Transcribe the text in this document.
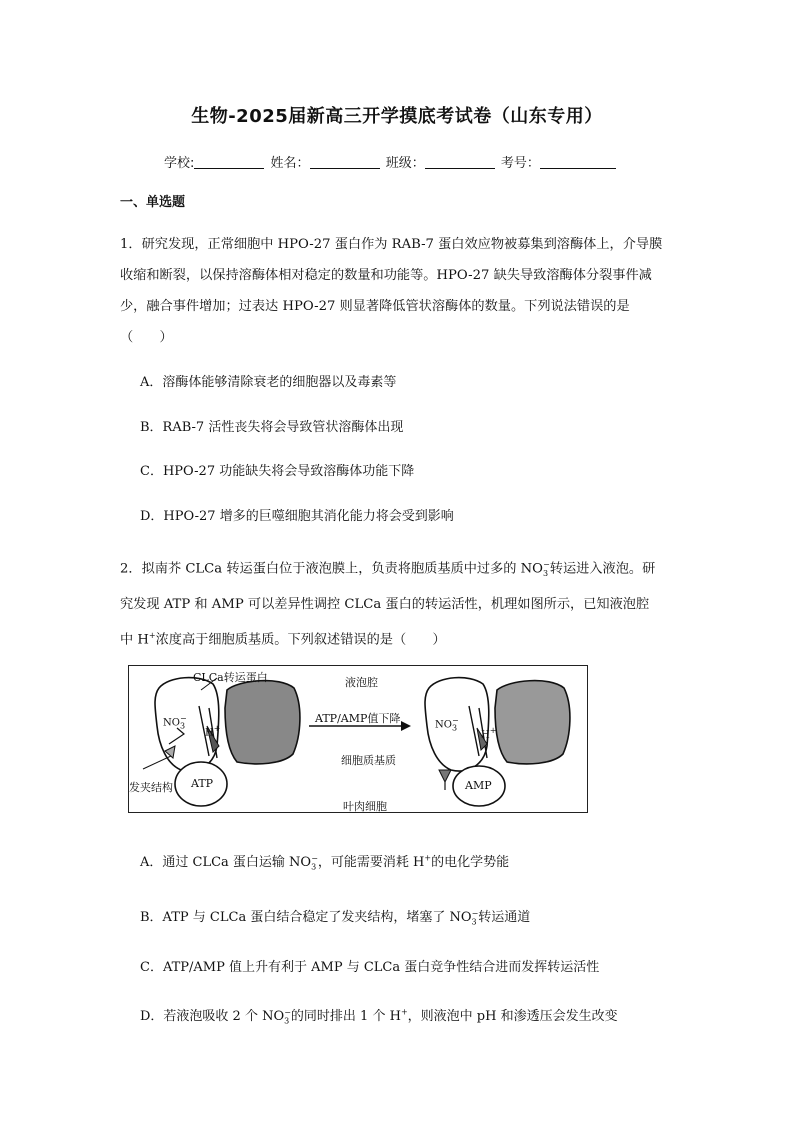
生物-2025届新高三开学摸底考试卷（山东专用）
学校:	姓名：	班级：	考号：
一、单选题
1．研究发现，正常细胞中 HPO-27 蛋白作为 RAB-7 蛋白效应物被募集到溶酶体上，介导膜
收缩和断裂，以保持溶酶体相对稳定的数量和功能等。HPO-27 缺失导致溶酶体分裂事件减
少，融合事件增加；过表达 HPO-27 则显著降低管状溶酶体的数量。下列说法错误的是
（　　）
A．溶酶体能够清除衰老的细胞器以及毒素等
B．RAB-7 活性丧失将会导致管状溶酶体出现
C．HPO-27 功能缺失将会导致溶酶体功能下降
D．HPO-27 增多的巨噬细胞其消化能力将会受到影响
2．拟南芥 CLCa 转运蛋白位于液泡膜上，负责将胞质基质中过多的 $NO_3^-$转运进入液泡。研
究发现 ATP 和 AMP 可以差异性调控 CLCa 蛋白的转运活性，机理如图所示，已知液泡腔
中 H+浓度高于细胞质基质。下列叙述错误的是（　　）
CLCa转运蛋白	液泡腔
ATP/AMP值下降
细胞质基质
叶肉细胞
发夹结构 ATP	AMP
$NO_3^-$
H+	$NO_3^-$
H+
A．通过 CLCa 蛋白运输 $NO_3^-$，可能需要消耗 H+的电化学势能
B．ATP 与 CLCa 蛋白结合稳定了发夹结构，堵塞了 $NO_3^-$转运通道
C．ATP/AMP 值上升有利于 AMP 与 CLCa 蛋白竞争性结合进而发挥转运活性
D．若液泡吸收 2 个 $NO_3^-$的同时排出 1 个 H+，则液泡中 pH 和渗透压会发生改变
